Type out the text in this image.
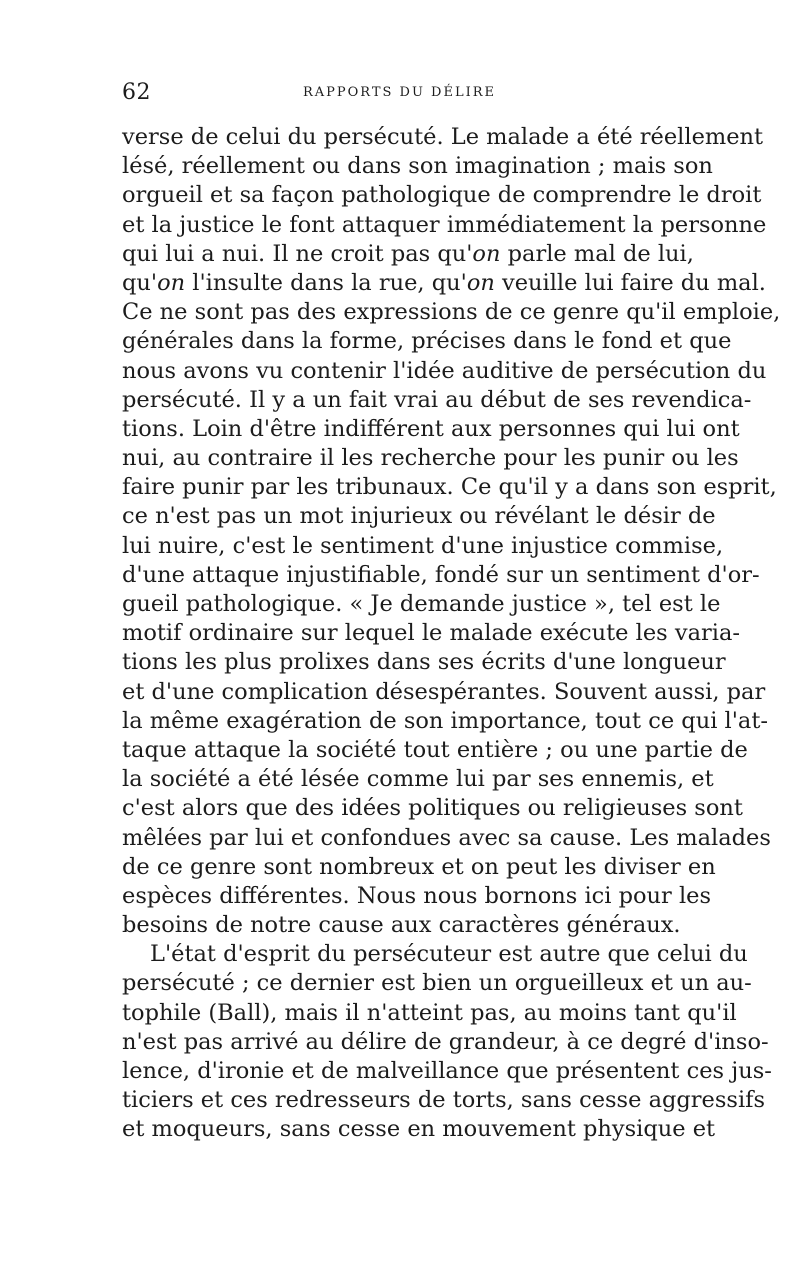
62	RAPPORTS DU DÉLIRE
verse de celui du persécuté. Le malade a été réellement
lésé, réellement ou dans son imagination ; mais son
orgueil et sa façon pathologique de comprendre le droit
et la justice le font attaquer immédiatement la personne
qui lui a nui. Il ne croit pas qu'on parle mal de lui,
qu'on l'insulte dans la rue, qu'on veuille lui faire du mal.
Ce ne sont pas des expressions de ce genre qu'il emploie,
générales dans la forme, précises dans le fond et que
nous avons vu contenir l'idée auditive de persécution du
persécuté. Il y a un fait vrai au début de ses revendica-
tions. Loin d'être indifférent aux personnes qui lui ont
nui, au contraire il les recherche pour les punir ou les
faire punir par les tribunaux. Ce qu'il y a dans son esprit,
ce n'est pas un mot injurieux ou révélant le désir de
lui nuire, c'est le sentiment d'une injustice commise,
d'une attaque injustifiable, fondé sur un sentiment d'or-
gueil pathologique. « Je demande justice », tel est le
motif ordinaire sur lequel le malade exécute les varia-
tions les plus prolixes dans ses écrits d'une longueur
et d'une complication désespérantes. Souvent aussi, par
la même exagération de son importance, tout ce qui l'at-
taque attaque la société tout entière ; ou une partie de
la société a été lésée comme lui par ses ennemis, et
c'est alors que des idées politiques ou religieuses sont
mêlées par lui et confondues avec sa cause. Les malades
de ce genre sont nombreux et on peut les diviser en
espèces différentes. Nous nous bornons ici pour les
besoins de notre cause aux caractères généraux.
L'état d'esprit du persécuteur est autre que celui du
persécuté ; ce dernier est bien un orgueilleux et un au-
tophile (Ball), mais il n'atteint pas, au moins tant qu'il
n'est pas arrivé au délire de grandeur, à ce degré d'inso-
lence, d'ironie et de malveillance que présentent ces jus-
ticiers et ces redresseurs de torts, sans cesse aggressifs
et moqueurs, sans cesse en mouvement physique et
